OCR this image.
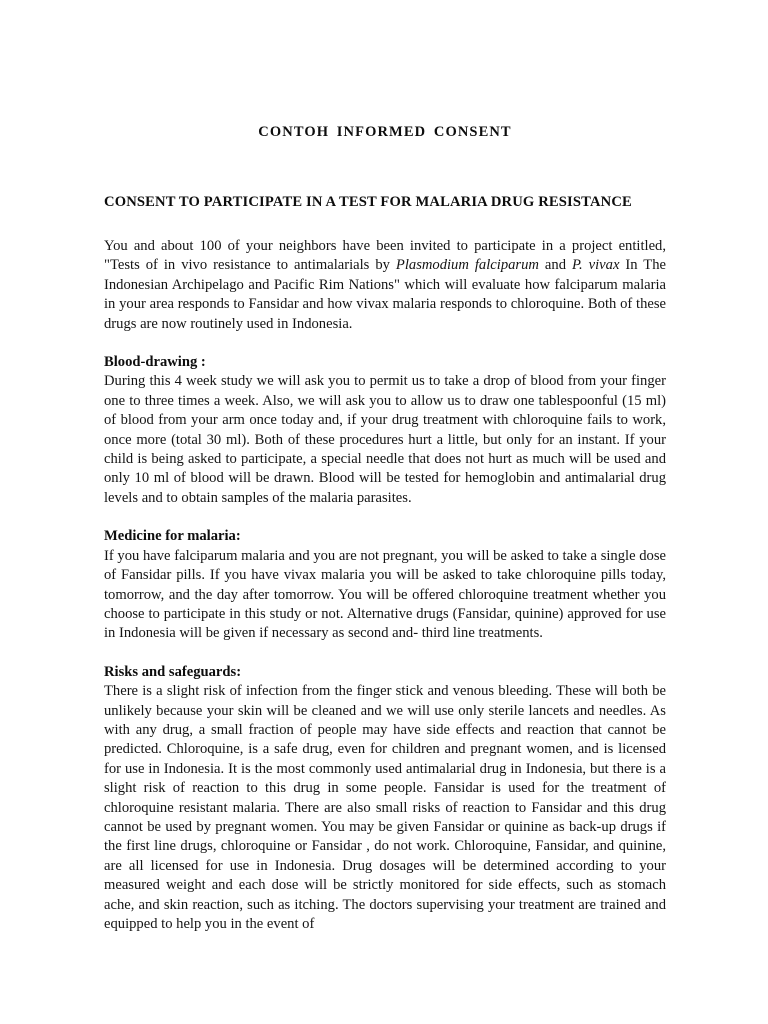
CONTOH INFORMED CONSENT
CONSENT TO PARTICIPATE IN A TEST FOR MALARIA DRUG RESISTANCE

You and about 100 of your neighbors have been invited to participate in a project entitled, "Tests of in vivo resistance to antimalarials by Plasmodium falciparum and P. vivax In The Indonesian Archipelago and Pacific Rim Nations" which will evaluate how falciparum malaria in your area responds to Fansidar and how vivax malaria responds to chloroquine. Both of these drugs are now routinely used in Indonesia.

Blood-drawing :

During this 4 week study we will ask you to permit us to take a drop of blood from your finger one to three times a week. Also, we will ask you to allow us to draw one tablespoonful (15 ml) of blood from your arm once today and, if your drug treatment with chloroquine fails to work, once more (total 30 ml). Both of these procedures hurt a little, but only for an instant. If your child is being asked to participate, a special needle that does not hurt as much will be used and only 10 ml of blood will be drawn. Blood will be tested for hemoglobin and antimalarial drug levels and to obtain samples of the malaria parasites.

Medicine for malaria:

If you have falciparum malaria and you are not pregnant, you will be asked to take a single dose of Fansidar pills. If you have vivax malaria you will be asked to take chloroquine pills today, tomorrow, and the day after tomorrow. You will be offered chloroquine treatment whether you choose to participate in this study or not. Alternative drugs (Fansidar, quinine) approved for use in Indonesia will be given if necessary as second and- third line treatments.

Risks and safeguards:

There is a slight risk of infection from the finger stick and venous bleeding. These will both be unlikely because your skin will be cleaned and we will use only sterile lancets and needles. As with any drug, a small fraction of people may have side effects and reaction that cannot be predicted. Chloroquine, is a safe drug, even for children and pregnant women, and is licensed for use in Indonesia. It is the most commonly used antimalarial drug in Indonesia, but there is a slight risk of reaction to this drug in some people. Fansidar is used for the treatment of chloroquine resistant malaria. There are also small risks of reaction to Fansidar and this drug cannot be used by pregnant women. You may be given Fansidar or quinine as back-up drugs if the first line drugs, chloroquine or Fansidar , do not work. Chloroquine, Fansidar, and quinine, are all licensed for use in Indonesia. Drug dosages will be determined according to your measured weight and each dose will be strictly monitored for side effects, such as stomach ache, and skin reaction, such as itching. The doctors supervising your treatment are trained and equipped to help you in the event of
